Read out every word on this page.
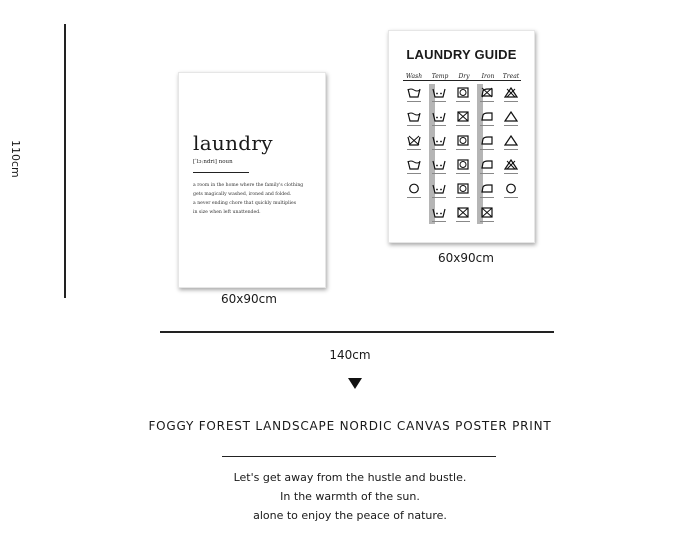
110cm	laundry
[ˈlɔːndri] noun
a room in the home where the family's clothing
gets magically washed, ironed and folded.
a never ending chore that quickly multiplies
in size when left unattended.
60x90cm
LAUNDRY GUIDE
Wash	Temp	Dry	Iron	Treat
60x90cm
140cm
FOGGY FOREST LANDSCAPE NORDIC CANVAS POSTER PRINT
Let's get away from the hustle and bustle.
In the warmth of the sun.
alone to enjoy the peace of nature.
